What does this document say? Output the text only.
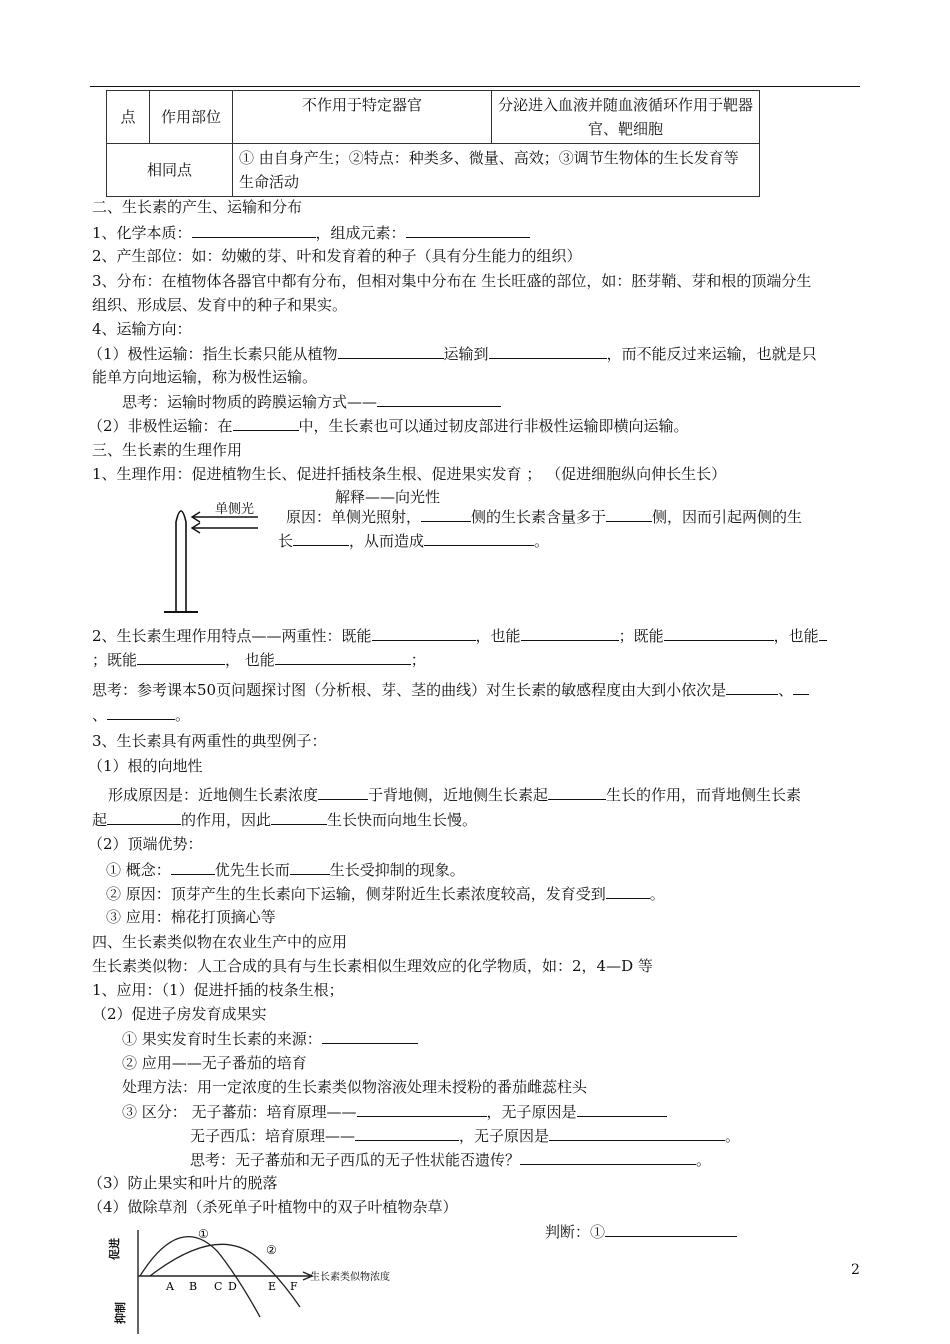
点	作用部位	不作用于特定器官	分泌进入血液并随血液循环作用于靶器官、靶细胞
相同点		① 由自身产生；②特点：种类多、微量、高效；③调节生物体的生长发育等生命活动	
二、生长素的产生、运输和分布
1、化学本质：	，组成元素：
2、产生部位：如：幼嫩的芽、叶和发育着的种子（具有分生能力的组织）
3、分布：在植物体各器官中都有分布，但相对集中分布在 生长旺盛的部位，如：胚芽鞘、芽和根的顶端分生
组织、形成层、发育中的种子和果实。
4、运输方向：
（1）极性运输：指生长素只能从植物	运输到	，而不能反过来运输，也就是只
能单方向地运输，称为极性运输。
思考：运输时物质的跨膜运输方式——
（2）非极性运输：在	中，生长素也可以通过韧皮部进行非极性运输即横向运输。
三、生长素的生理作用
1、生理作用：促进植物生长、促进扦插枝条生根、促进果实发育 ； （促进细胞纵向伸长生长）
解释——向光性
单侧光 原因：单侧光照射，	侧的生长素含量多于	侧，因而引起两侧的生
长	，从而造成	。
2、生长素生理作用特点——两重性：既能	，也能	；既能	，也能
；既能	， 也能	；
思考：参考课本50页问题探讨图（分析根、芽、茎的曲线）对生长素的敏感程度由大到小依次是	、
、	。
3、生长素具有两重性的典型例子：
（1）根的向地性
形成原因是：近地侧生长素浓度	于背地侧，近地侧生长素起	生长的作用，而背地侧生长素
起	的作用，因此	生长快而向地生长慢。
（2）顶端优势：
① 概念：	优先生长而	生长受抑制的现象。
② 原因：顶芽产生的生长素向下运输，侧芽附近生长素浓度较高，发育受到	。
③ 应用：棉花打顶摘心等
四、生长素类似物在农业生产中的应用
生长素类似物：人工合成的具有与生长素相似生理效应的化学物质，如：2，4—D 等
1、应用：（1）促进扦插的枝条生根；
（2）促进子房发育成果实
① 果实发育时生长素的来源：
② 应用——无子番茄的培育
处理方法：用一定浓度的生长素类似物溶液处理未授粉的番茄雌蕊柱头
③ 区分： 无子蕃茄：培育原理——	，无子原因是
无子西瓜：培育原理——	，无子原因是	。
思考：无子蕃茄和无子西瓜的无子性状能否遗传？	。
（3）防止果实和叶片的脱落
（4）做除草剂（杀死单子叶植物中的双子叶植物杂草）
判断：①
促进
抑制
生长素类似物浓度
A B C D	E F
①
②
2
